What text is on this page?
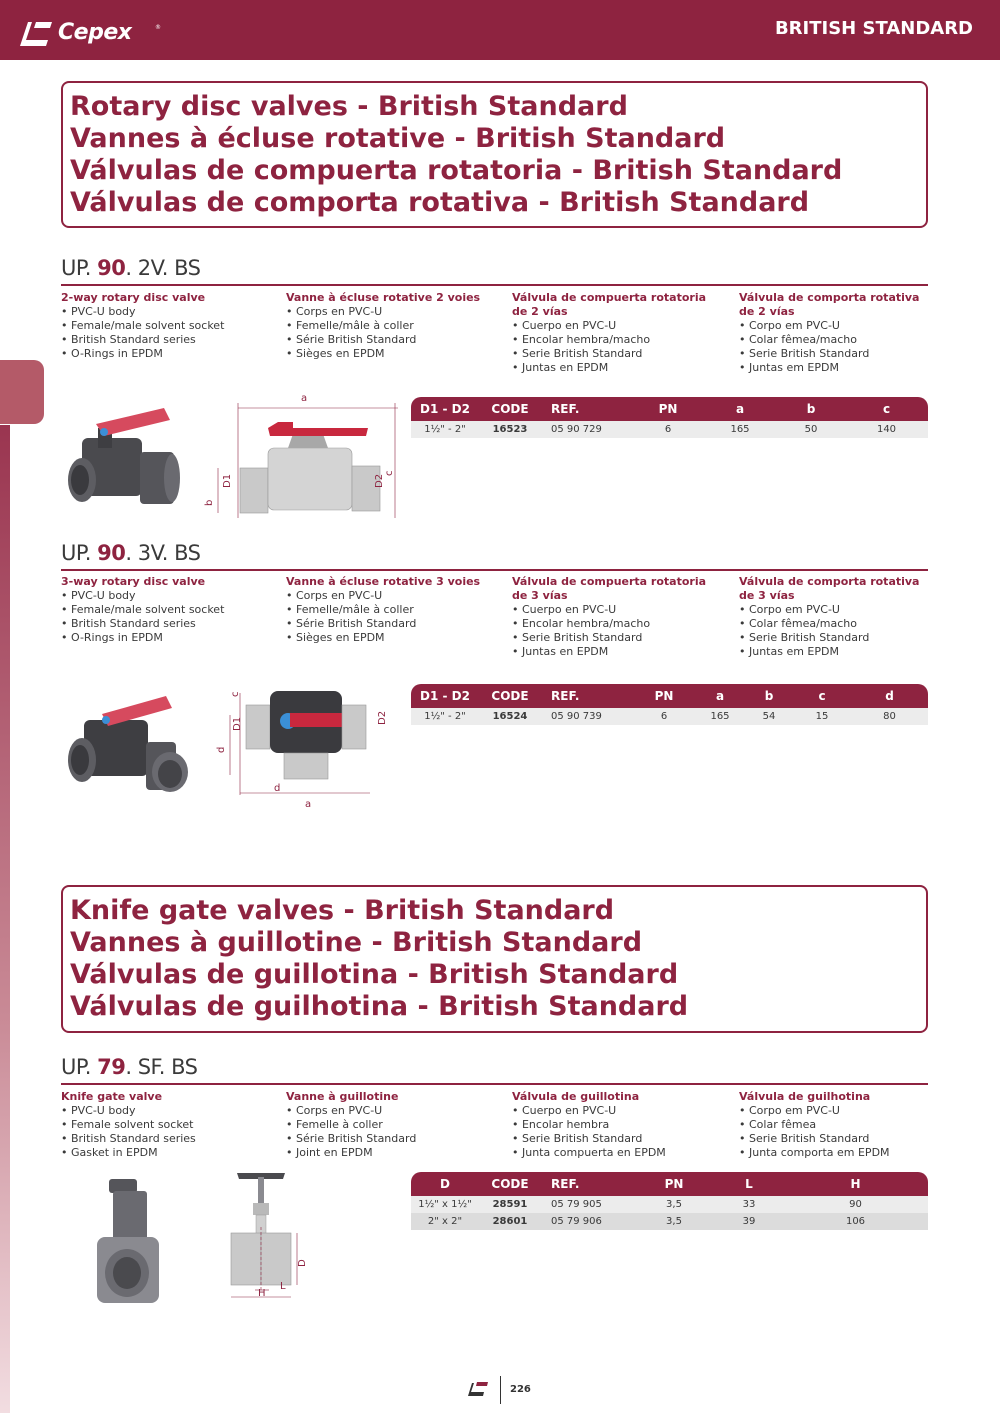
Cepex	®	BRITISH STANDARD
Rotary disc valves - British Standard
Vannes à écluse rotative - British Standard
Válvulas de compuerta rotatoria - British Standard
Válvulas de comporta rotativa - British Standard
UP. 90. 2V. BS
2-way rotary disc valve
• PVC-U body
• Female/male solvent socket
• British Standard series
• O-Rings in EPDM
Vanne à écluse rotative 2 voies
• Corps en PVC-U
• Femelle/mâle à coller
• Série British Standard
• Sièges en EPDM
Válvula de compuerta rotatoria de 2 vías
• Cuerpo en PVC-U
• Encolar hembra/macho
• Serie British Standard
• Juntas en EPDM
Válvula de comporta rotativa de 2 vías
• Corpo em PVC-U
• Colar fêmea/macho
• Serie British Standard
• Juntas em EPDM
a
b
D1	D2
c
D1 - D2	CODE	REF.	PN	a	b	c
1½" - 2"	16523	05 90 729	6	165	50	140
UP. 90. 3V. BS
3-way rotary disc valve
• PVC-U body
• Female/male solvent socket
• British Standard series
• O-Rings in EPDM
Vanne à écluse rotative 3 voies
• Corps en PVC-U
• Femelle/mâle à coller
• Série British Standard
• Sièges en EPDM
Válvula de compuerta rotatoria de 3 vías
• Cuerpo en PVC-U
• Encolar hembra/macho
• Serie British Standard
• Juntas en EPDM
Válvula de comporta rotativa de 3 vías
• Corpo em PVC-U
• Colar fêmea/macho
• Serie British Standard
• Juntas em EPDM
c
d
D1	D2
d
a
D1 - D2	CODE	REF.	PN	a	b	c	d
1½" - 2"	16524	05 90 739	6	165	54	15	80
Knife gate valves - British Standard
Vannes à guillotine - British Standard
Válvulas de guillotina - British Standard
Válvulas de guilhotina - British Standard
UP. 79. SF. BS
Knife gate valve
• PVC-U body
• Female solvent socket
• British Standard series
• Gasket in EPDM
Vanne à guillotine
• Corps en PVC-U
• Femelle à coller
• Série British Standard
• Joint en EPDM
Válvula de guillotina
• Cuerpo en PVC-U
• Encolar hembra
• Serie British Standard
• Junta compuerta en EPDM
Válvula de guilhotina
• Corpo em PVC-U
• Colar fêmea
• Serie British Standard
• Junta comporta em EPDM
D
L
H
D	CODE	REF.	PN	L	H
1½" x 1½"	28591	05 79 905	3,5	33	90
2" x 2"	28601	05 79 906	3,5	39	106
226
